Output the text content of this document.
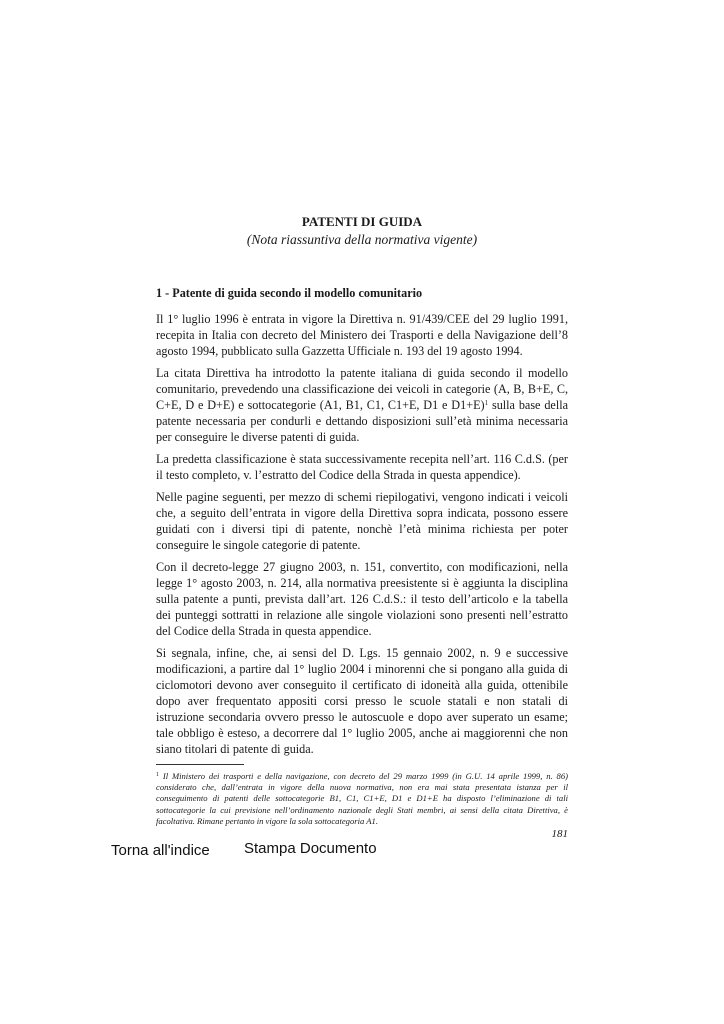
PATENTI DI GUIDA
(Nota riassuntiva della normativa vigente)

1 - Patente di guida secondo il modello comunitario

Il 1° luglio 1996 è entrata in vigore la Direttiva n. 91/439/CEE del 29 luglio 1991, recepita in Italia con decreto del Ministero dei Trasporti e della Navigazione dell’8 agosto 1994, pubblicato sulla Gazzetta Ufficiale n. 193 del 19 agosto 1994.

La citata Direttiva ha introdotto la patente italiana di guida secondo il modello comunitario, prevedendo una classificazione dei veicoli in categorie (A, B, B+E, C, C+E, D e D+E) e sottocategorie (A1, B1, C1, C1+E, D1 e D1+E)$^1$ sulla base della patente necessaria per condurli e dettando disposizioni sull’età minima necessaria per conseguire le diverse patenti di guida.

La predetta classificazione è stata successivamente recepita nell’art. 116 C.d.S. (per il testo completo, v. l’estratto del Codice della Strada in questa appendice).

Nelle pagine seguenti, per mezzo di schemi riepilogativi, vengono indicati i veicoli che, a seguito dell’entrata in vigore della Direttiva sopra indicata, possono essere guidati con i diversi tipi di patente, nonchè l’età minima richiesta per poter conseguire le singole categorie di patente.

Con il decreto-legge 27 giugno 2003, n. 151, convertito, con modificazioni, nella legge 1° agosto 2003, n. 214, alla normativa preesistente si è aggiunta la disciplina sulla patente a punti, prevista dall’art. 126 C.d.S.: il testo dell’articolo e la tabella dei punteggi sottratti in relazione alle singole violazioni sono presenti nell’estratto del Codice della Strada in questa appendice.

Si segnala, infine, che, ai sensi del D. Lgs. 15 gennaio 2002, n. 9 e successive modificazioni, a partire dal 1° luglio 2004 i minorenni che si pongano alla guida di ciclomotori devono aver conseguito il certificato di idoneità alla guida, ottenibile dopo aver frequentato appositi corsi presso le scuole statali e non statali di istruzione secondaria ovvero presso le autoscuole e dopo aver superato un esame; tale obbligo è esteso, a decorrere dal 1° luglio 2005, anche ai maggiorenni che non siano titolari di patente di guida.

$^1$ Il Ministero dei trasporti e della navigazione, con decreto del 29 marzo 1999 (in G.U. 14 aprile 1999, n. 86) considerato che, dall’entrata in vigore della nuova normativa, non era mai stata presentata istanza per il conseguimento di patenti delle sottocategorie B1, C1, C1+E, D1 e D1+E ha disposto l’eliminazione di tali sottocategorie la cui previsione nell’ordinamento nazionale degli Stati membri, ai sensi della citata Direttiva, è facoltativa. Rimane pertanto in vigore la sola sottocategoria A1.

181
Torna all'indice Stampa Documento
